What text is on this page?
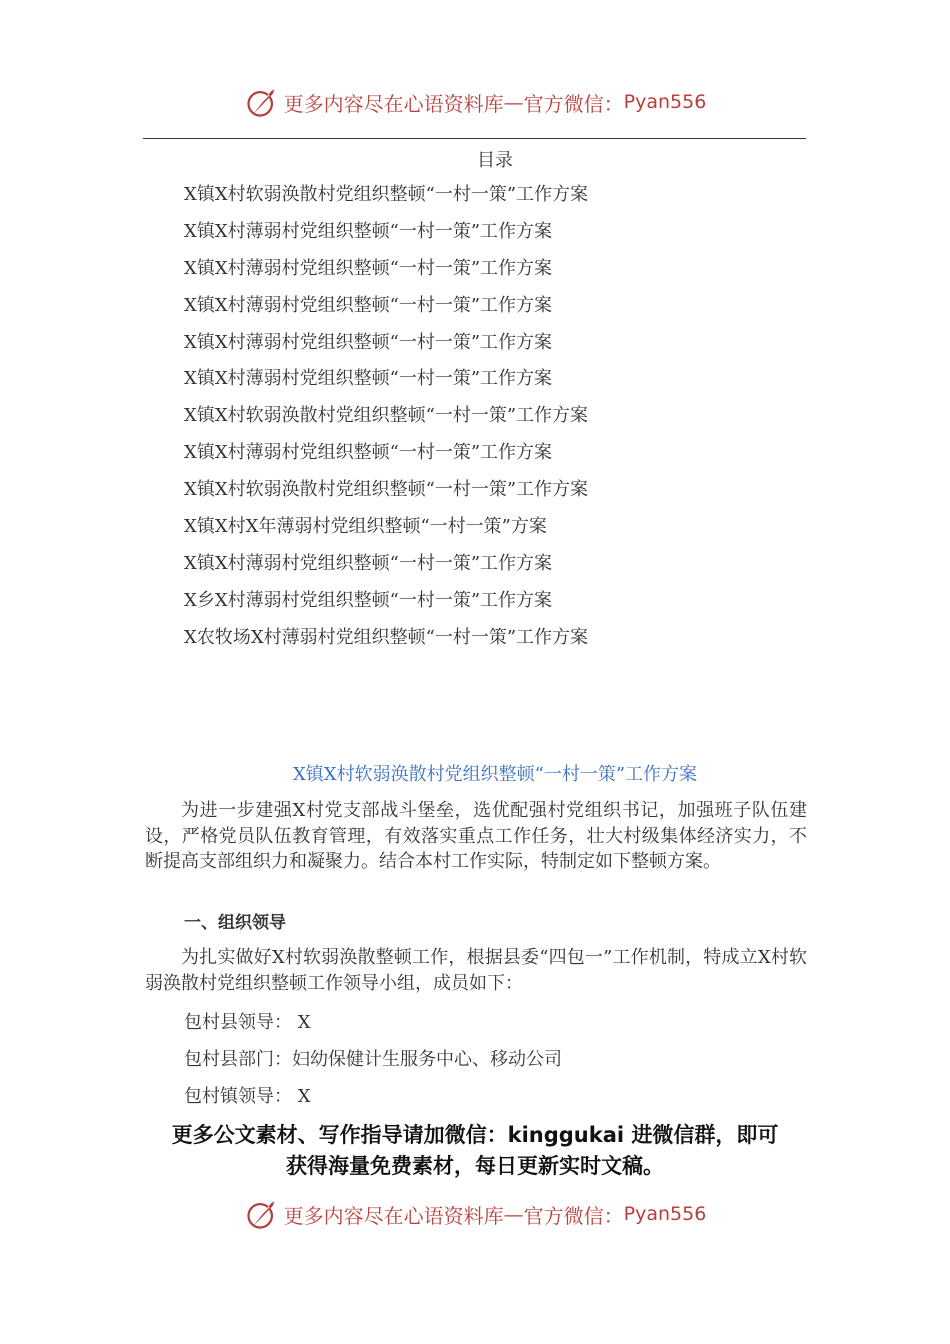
更多内容尽在心语资料库 — 官方微信： Pyan556
目录
X镇X村软弱涣散村党组织整顿“一村一策”工作方案
X镇X村薄弱村党组织整顿“一村一策”工作方案
X镇X村薄弱村党组织整顿“一村一策”工作方案
X镇X村薄弱村党组织整顿“一村一策”工作方案
X镇X村薄弱村党组织整顿“一村一策”工作方案
X镇X村薄弱村党组织整顿“一村一策”工作方案
X镇X村软弱涣散村党组织整顿“一村一策”工作方案
X镇X村薄弱村党组织整顿“一村一策”工作方案
X镇X村软弱涣散村党组织整顿“一村一策”工作方案
X镇X村X年薄弱村党组织整顿“一村一策”方案
X镇X村薄弱村党组织整顿“一村一策”工作方案
X乡X村薄弱村党组织整顿“一村一策”工作方案
X农牧场X村薄弱村党组织整顿“一村一策”工作方案
X镇X村软弱涣散村党组织整顿“一村一策”工作方案

为进一步建强X村党支部战斗堡垒，选优配强村党组织书记，加强班子队伍建设，严格党员队伍教育管理，有效落实重点工作任务，壮大村级集体经济实力，不断提高支部组织力和凝聚力。结合本村工作实际，特制定如下整顿方案。

一、组织领导

为扎实做好X村软弱涣散整顿工作，根据县委“四包一”工作机制，特成立X村软弱涣散村党组织整顿工作领导小组，成员如下：

包村县领导： X
包村县部门：妇幼保健计生服务中心、移动公司
包村镇领导： X
更多公文素材、写作指导请加微信：kinggukai 进微信群，即可
获得海量免费素材，每日更新实时文稿。
更多内容尽在心语资料库 — 官方微信： Pyan556
